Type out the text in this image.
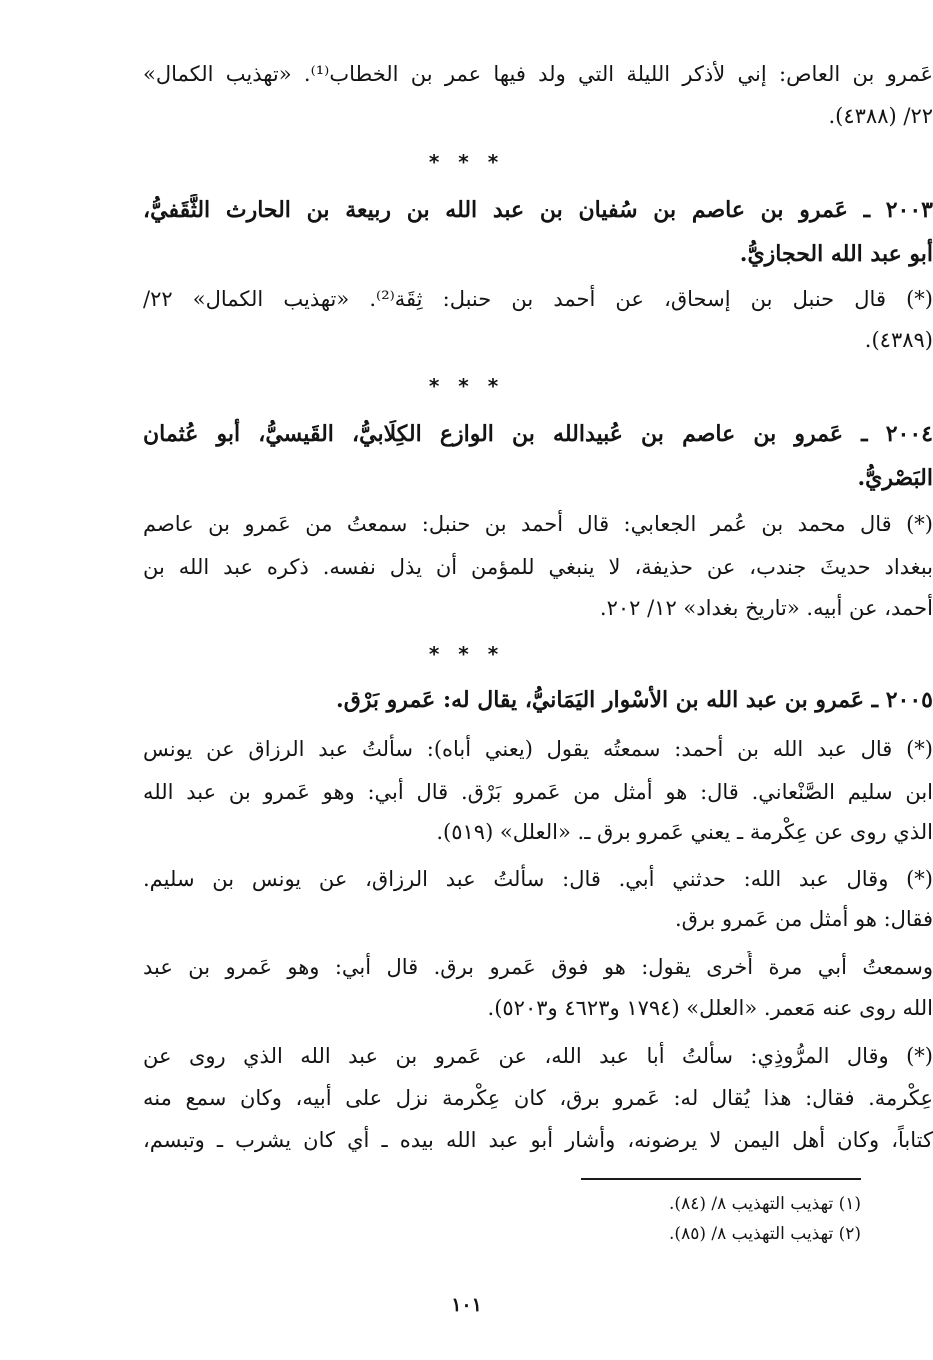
عَمرو بن العاص: إني لأذكر الليلة التي ولد فيها عمر بن الخطاب⁽¹⁾. «تهذيب الكمال»
٢٢/ (٤٣٨٨).
* * *
٢٠٠٣ ـ عَمرو بن عاصم بن سُفيان بن عبد الله بن ربيعة بن الحارث الثَّقَفيُّ،
أبو عبد الله الحجازيُّ.
(*) قال حنبل بن إسحاق، عن أحمد بن حنبل: ثِقَة⁽²⁾. «تهذيب الكمال» ٢٢/
(٤٣٨٩).
* * *
٢٠٠٤ ـ عَمرو بن عاصم بن عُبيدالله بن الوازع الكِلَابيُّ، القَيسيُّ، أبو عُثمان
البَصْريُّ.
(*) قال محمد بن عُمر الجعابي: قال أحمد بن حنبل: سمعتُ من عَمرو بن عاصم
ببغداد حديثَ جندب، عن حذيفة، لا ينبغي للمؤمن أن يذل نفسه. ذكره عبد الله بن
أحمد، عن أبيه. «تاريخ بغداد» ١٢/ ٢٠٢.
* * *
٢٠٠٥ ـ عَمرو بن عبد الله بن الأسْوار اليَمَانيُّ، يقال له: عَمرو بَرْق.
(*) قال عبد الله بن أحمد: سمعتُه يقول (يعني أباه): سألتُ عبد الرزاق عن يونس
ابن سليم الصَّنْعاني. قال: هو أمثل من عَمرو بَرْق. قال أبي: وهو عَمرو بن عبد الله
الذي روى عن عِكْرمة ـ يعني عَمرو برق ـ. «العلل» (٥١٩).
(*) وقال عبد الله: حدثني أبي. قال: سألتُ عبد الرزاق، عن يونس بن سليم.
فقال: هو أمثل من عَمرو برق.
وسمعتُ أبي مرة أُخرى يقول: هو فوق عَمرو برق. قال أبي: وهو عَمرو بن عبد
الله روى عنه مَعمر. «العلل» (١٧٩٤ و٤٦٢٣ و٥٢٠٣).
(*) وقال المرُّوذِي: سألتُ أبا عبد الله، عن عَمرو بن عبد الله الذي روى عن
عِكْرمة. فقال: هذا يُقال له: عَمرو برق، كان عِكْرمة نزل على أبيه، وكان سمع منه
كتاباً، وكان أهل اليمن لا يرضونه، وأشار أبو عبد الله بيده ـ أي كان يشرب ـ وتبسم،
(١) تهذيب التهذيب ٨/ (٨٤).
(٢) تهذيب التهذيب ٨/ (٨٥).
١٠١
